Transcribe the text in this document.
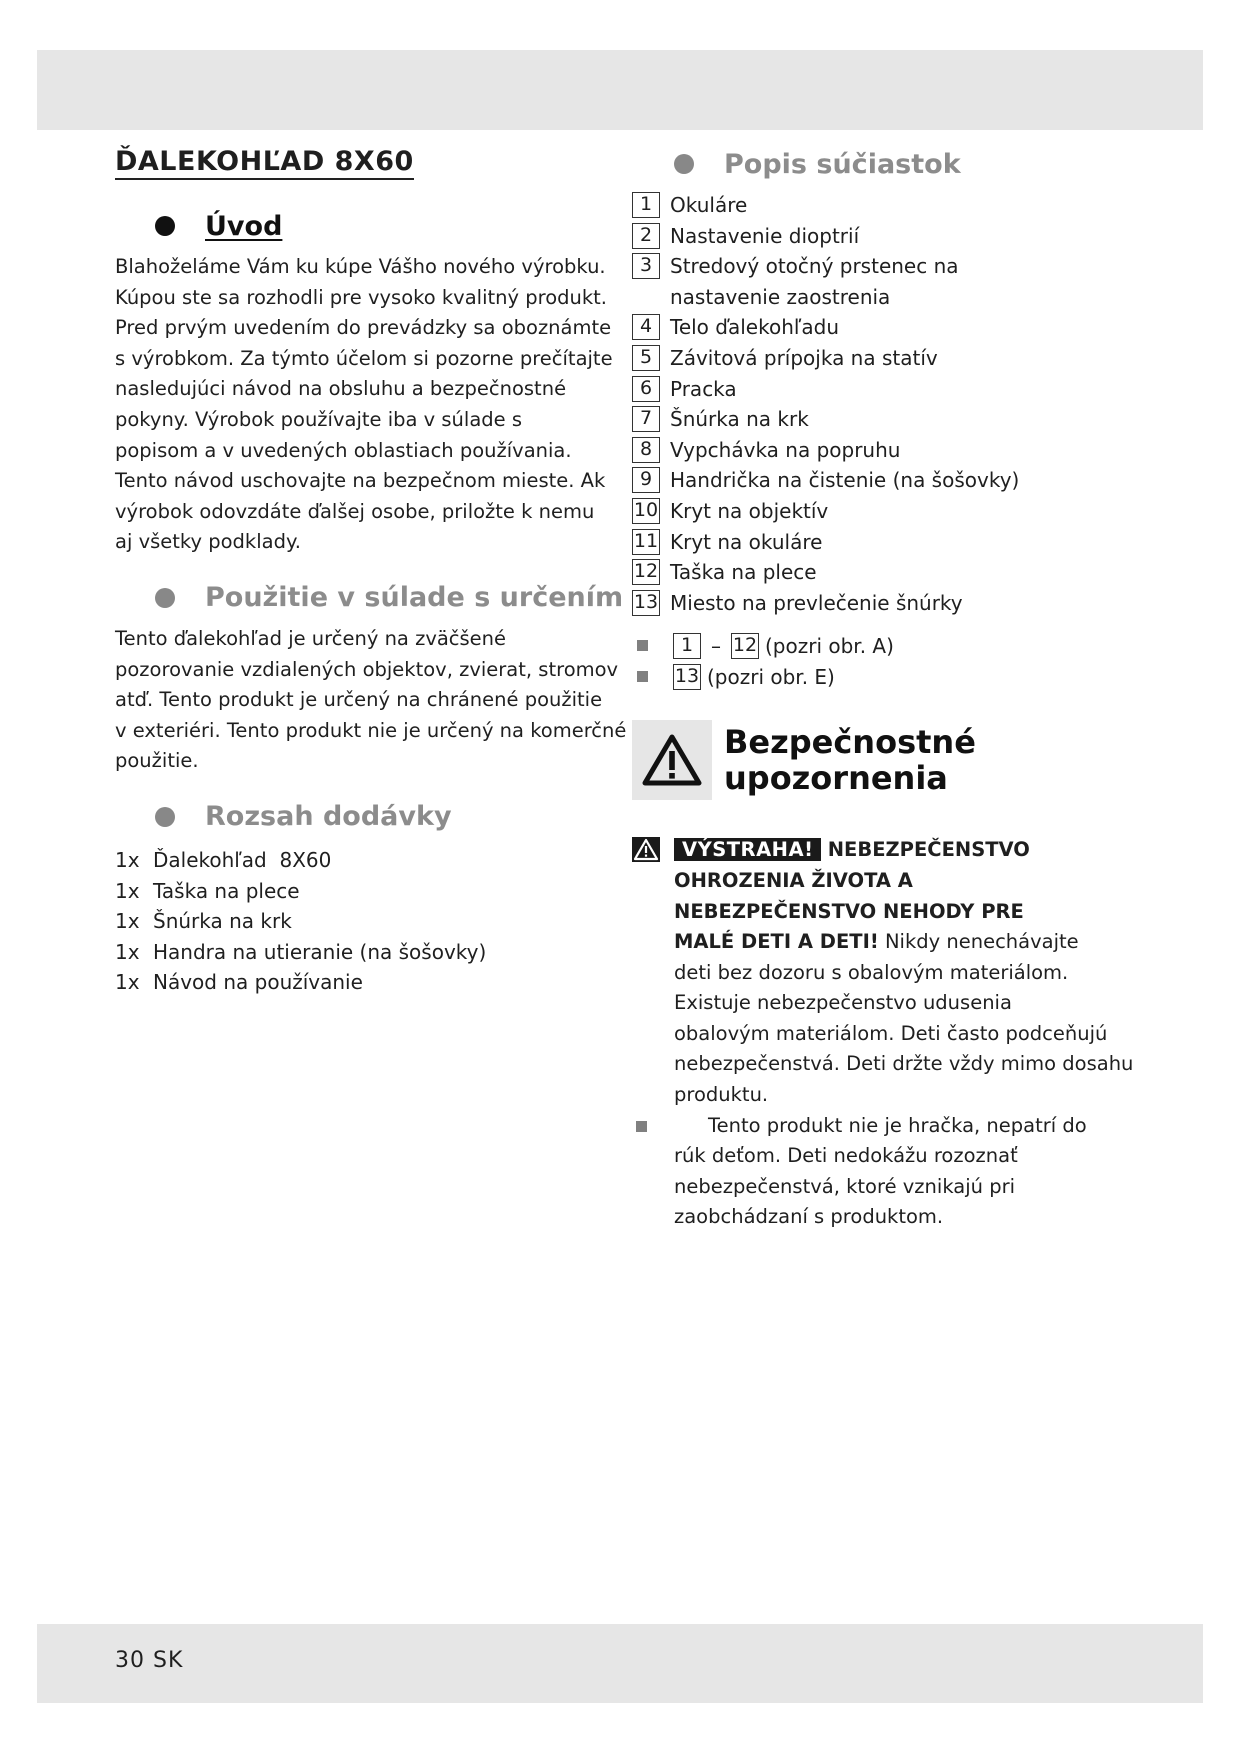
ĎALEKOHĽAD 8X60
Úvod

Blahoželáme Vám ku kúpe Vášho nového výrobku.
Kúpou ste sa rozhodli pre vysoko kvalitný produkt.
Pred prvým uvedením do prevádzky sa oboznámte
s výrobkom. Za týmto účelom si pozorne prečítajte
nasledujúci návod na obsluhu a bezpečnostné
pokyny. Výrobok používajte iba v súlade s
popisom a v uvedených oblastiach používania.
Tento návod uschovajte na bezpečnom mieste. Ak
výrobok odovzdáte ďalšej osobe, priložte k nemu
aj všetky podklady.

Použitie v súlade s určením

Tento ďalekohľad je určený na zväčšené
pozorovanie vzdialených objektov, zvierat, stromov
atď. Tento produkt je určený na chránené použitie
v exteriéri. Tento produkt nie je určený na komerčné
použitie.

Rozsah dodávky
1x Ďalekohľad  8X60
1x Taška na plece
1x Šnúrka na krk
1x Handra na utieranie (na šošovky)
1x Návod na používanie
Popis súčiastok
1 Okuláre
2 Nastavenie dioptrií
3 Stredový otočný prstenec na nastavenie zaostrenia
4 Telo ďalekohľadu
5 Závitová prípojka na statív
6 Pracka
7 Šnúrka na krk
8 Vypchávka na popruhu
9 Handrička na čistenie (na šošovky)
10 Kryt na objektív
11 Kryt na okuláre
12 Taška na plece
13 Miesto na prevlečenie šnúrky
1 – 12 (pozri obr. A)
13 (pozri obr. E)
Bezpečnostné
upozornenia
VÝSTRAHA! NEBEZPEČENSTVO
OHROZENIA ŽIVOTA A
NEBEZPEČENSTVO NEHODY PRE
MALÉ DETI A DETI! Nikdy nenechávajte
deti bez dozoru s obalovým materiálom.
Existuje nebezpečenstvo udusenia
obalovým materiálom. Deti často podceňujú
nebezpečenstvá. Deti držte vždy mimo dosahu
produktu.
Tento produkt nie je hračka, nepatrí do
rúk deťom. Deti nedokážu rozoznať
nebezpečenstvá, ktoré vznikajú pri
zaobchádzaní s produktom.
30 SK
